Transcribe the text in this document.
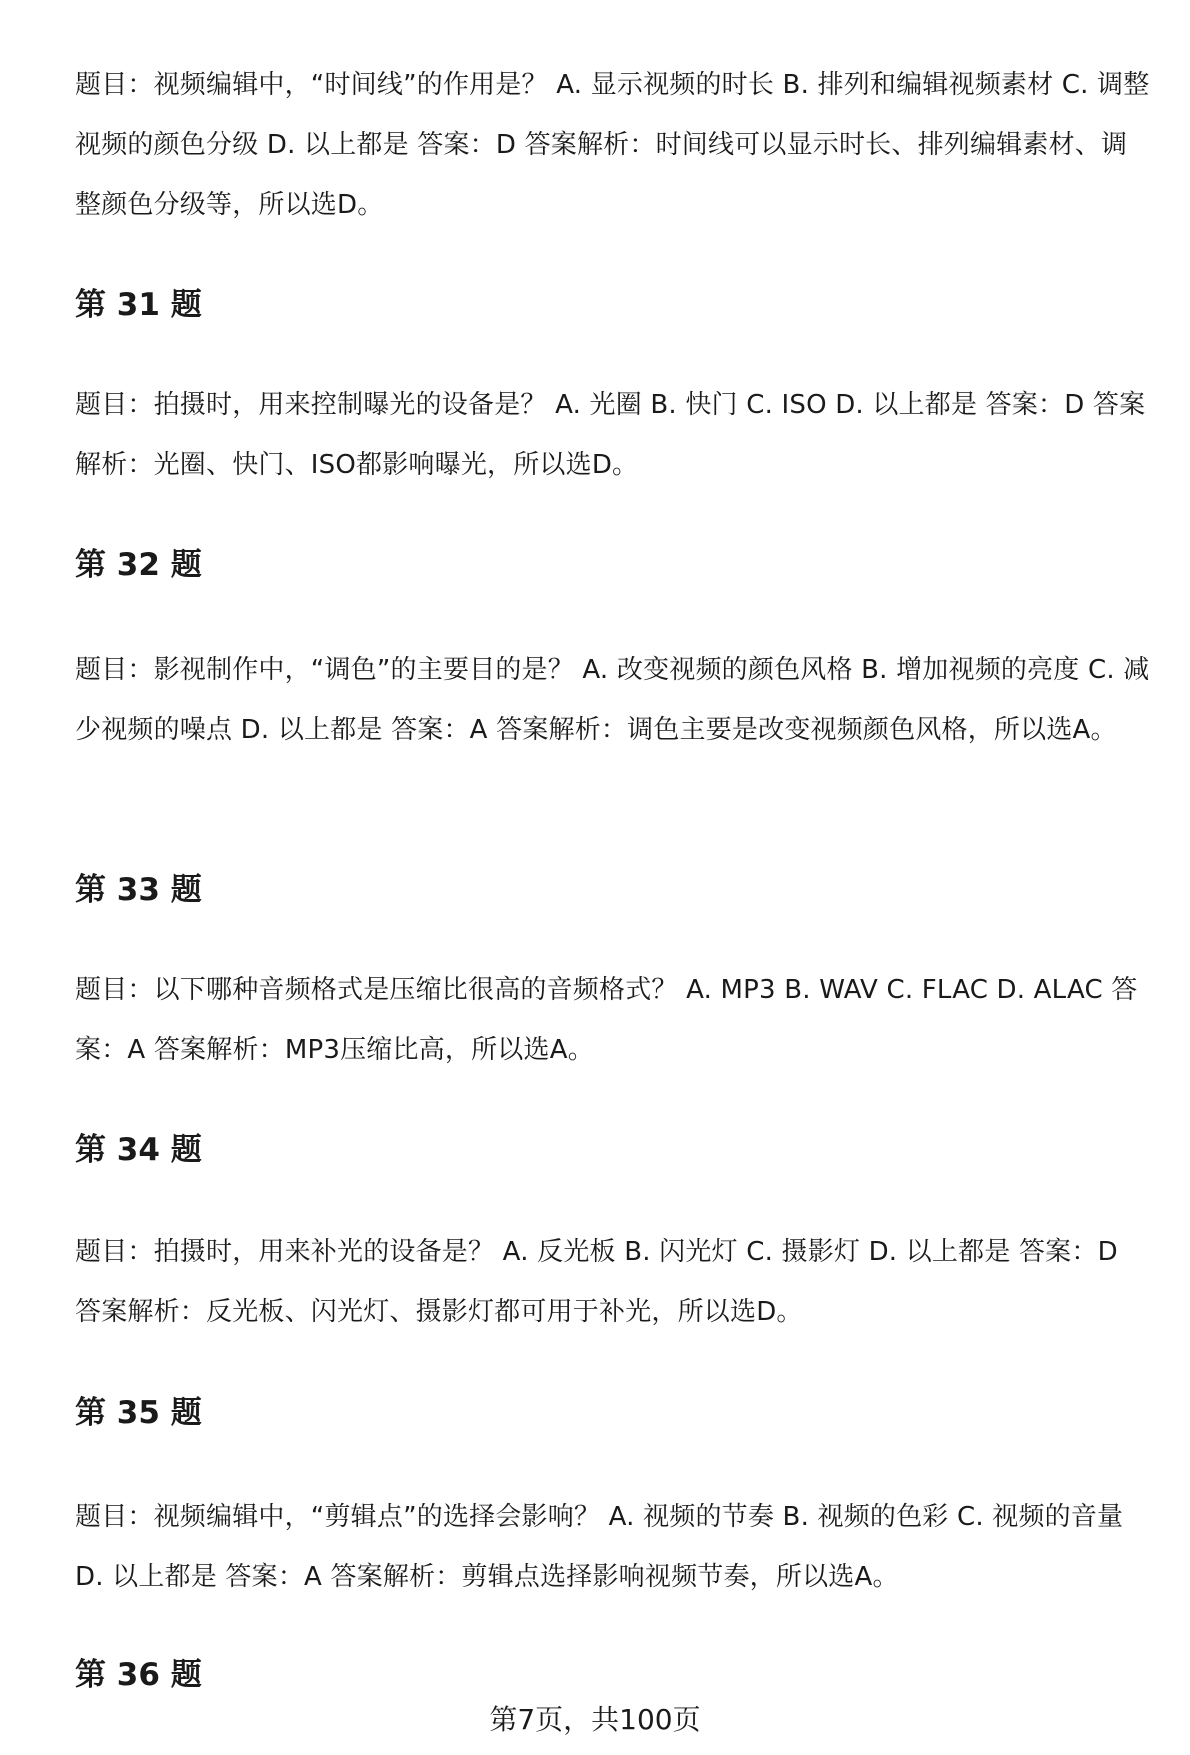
题目：视频编辑中，“时间线”的作用是？ A. 显示视频的时长 B. 排列和编辑视频素材 C. 调整视频的颜色分级 D. 以上都是 答案：D 答案解析：时间线可以显示时长、排列编辑素材、调整颜色分级等，所以选D。

第 31 题

题目：拍摄时，用来控制曝光的设备是？ A. 光圈 B. 快门 C. ISO D. 以上都是 答案：D 答案解析：光圈、快门、ISO都影响曝光，所以选D。

第 32 题

题目：影视制作中，“调色”的主要目的是？ A. 改变视频的颜色风格 B. 增加视频的亮度 C. 减少视频的噪点 D. 以上都是 答案：A 答案解析：调色主要是改变视频颜色风格，所以选A。

第 33 题

题目：以下哪种音频格式是压缩比很高的音频格式？ A. MP3 B. WAV C. FLAC D. ALAC 答案：A 答案解析：MP3压缩比高，所以选A。

第 34 题

题目：拍摄时，用来补光的设备是？ A. 反光板 B. 闪光灯 C. 摄影灯 D. 以上都是 答案：D 答案解析：反光板、闪光灯、摄影灯都可用于补光，所以选D。

第 35 题

题目：视频编辑中，“剪辑点”的选择会影响？ A. 视频的节奏 B. 视频的色彩 C. 视频的音量 D. 以上都是 答案：A 答案解析：剪辑点选择影响视频节奏，所以选A。

第 36 题
第7页，共100页
